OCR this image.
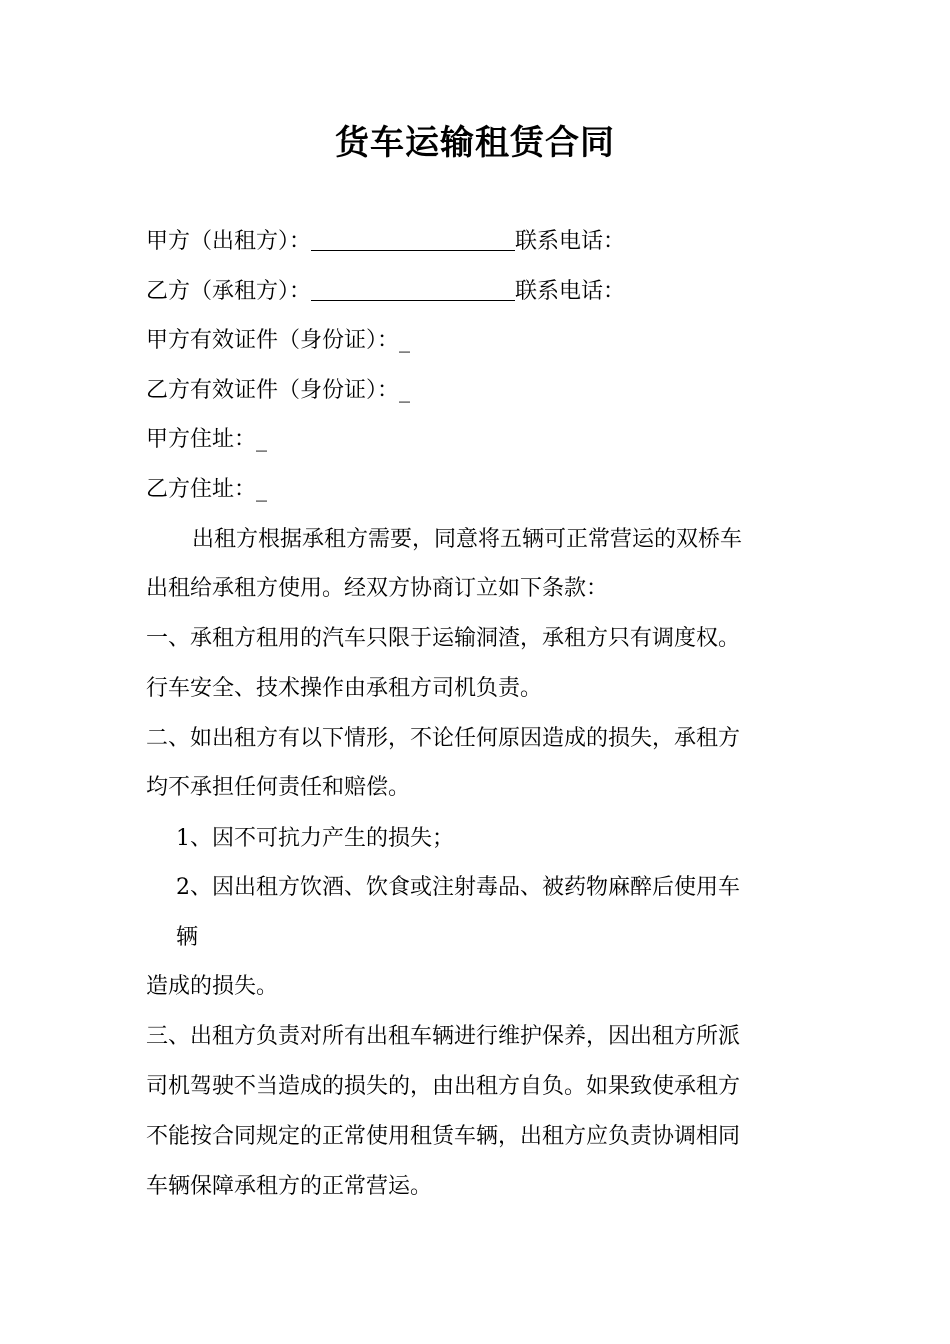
货车运输租赁合同
甲方（出租方）：	联系电话：
乙方（承租方）：	联系电话：
甲方有效证件（身份证）：_
乙方有效证件（身份证）：_
甲方住址：_
乙方住址：_
出租方根据承租方需要，同意将五辆可正常营运的双桥车
出租给承租方使用。经双方协商订立如下条款：
一、承租方租用的汽车只限于运输洞渣，承租方只有调度权。
行车安全、技术操作由承租方司机负责。
二、如出租方有以下情形，不论任何原因造成的损失，承租方
均不承担任何责任和赔偿。
1、因不可抗力产生的损失；
2、因出租方饮酒、饮食或注射毒品、被药物麻醉后使用车
辆
造成的损失。
三、出租方负责对所有出租车辆进行维护保养，因出租方所派
司机驾驶不当造成的损失的，由出租方自负。如果致使承租方
不能按合同规定的正常使用租赁车辆，出租方应负责协调相同
车辆保障承租方的正常营运。
